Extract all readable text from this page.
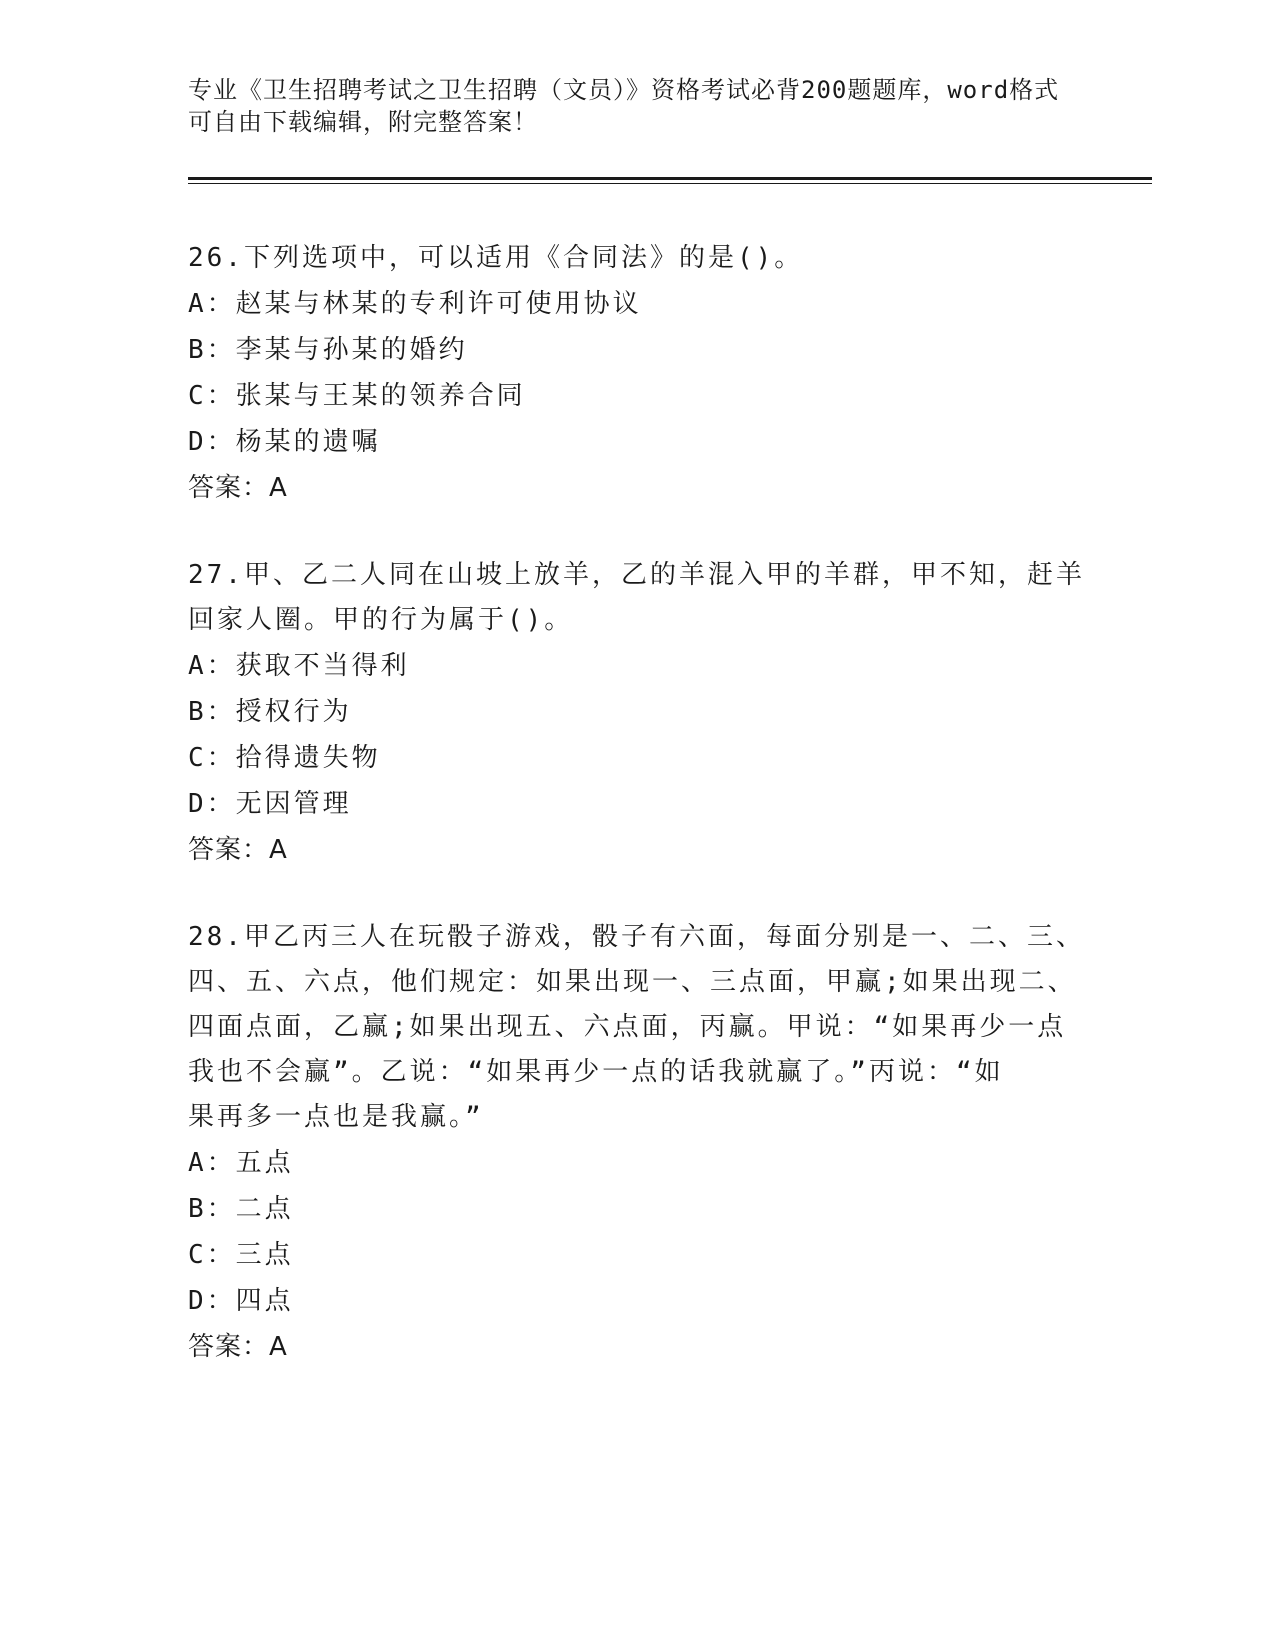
专业《卫生招聘考试之卫生招聘（文员）》资格考试必背200题题库，word格式
可自由下载编辑，附完整答案！
26.下列选项中，可以适用《合同法》的是()。
A：赵某与林某的专利许可使用协议
B：李某与孙某的婚约
C：张某与王某的领养合同
D：杨某的遗嘱
答案：A
27.甲、乙二人同在山坡上放羊，乙的羊混入甲的羊群，甲不知，赶羊
回家人圈。甲的行为属于()。
A：获取不当得利
B：授权行为
C：拾得遗失物
D：无因管理
答案：A
28.甲乙丙三人在玩骰子游戏，骰子有六面，每面分别是一、二、三、
四、五、六点，他们规定：如果出现一、三点面，甲赢;如果出现二、
四面点面，乙赢;如果出现五、六点面，丙赢。甲说：“如果再少一点
我也不会赢”。乙说：“如果再少一点的话我就赢了。”丙说：“如
果再多一点也是我赢。”
A：五点
B：二点
C：三点
D：四点
答案：A
